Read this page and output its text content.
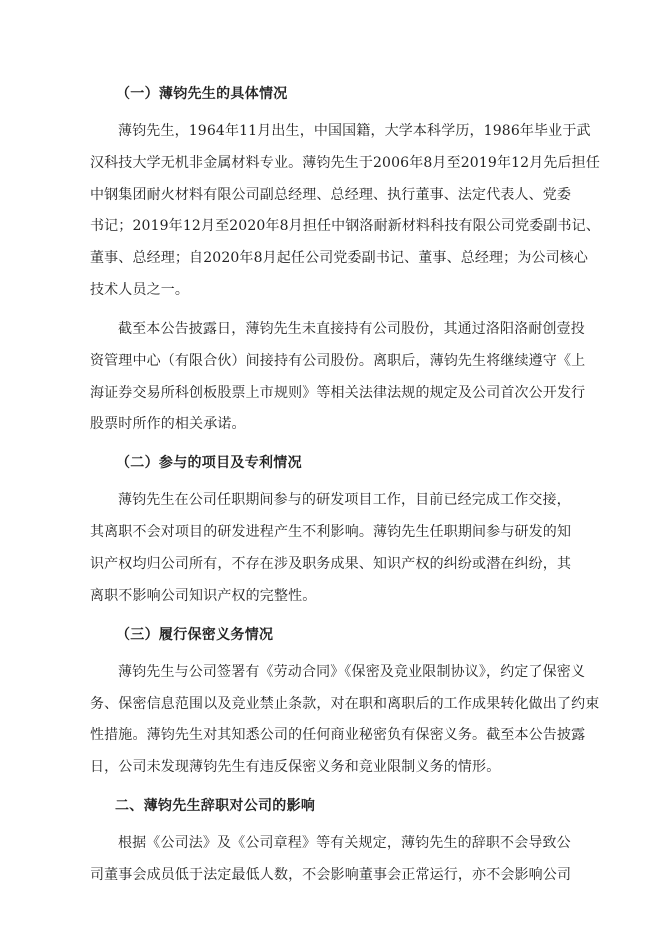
（一）薄钧先生的具体情况
薄钧先生，1964年11月出生，中国国籍，大学本科学历，1986年毕业于武
汉科技大学无机非金属材料专业。薄钧先生于2006年8月至2019年12月先后担任
中钢集团耐火材料有限公司副总经理、总经理、执行董事、法定代表人、党委
书记；2019年12月至2020年8月担任中钢洛耐新材料科技有限公司党委副书记、
董事、总经理；自2020年8月起任公司党委副书记、董事、总经理；为公司核心
技术人员之一。
截至本公告披露日，薄钧先生未直接持有公司股份，其通过洛阳洛耐创壹投
资管理中心（有限合伙）间接持有公司股份。离职后，薄钧先生将继续遵守《上
海证券交易所科创板股票上市规则》等相关法律法规的规定及公司首次公开发行
股票时所作的相关承诺。
（二）参与的项目及专利情况
薄钧先生在公司任职期间参与的研发项目工作，目前已经完成工作交接，
其离职不会对项目的研发进程产生不利影响。薄钧先生任职期间参与研发的知
识产权均归公司所有，不存在涉及职务成果、知识产权的纠纷或潜在纠纷，其
离职不影响公司知识产权的完整性。
（三）履行保密义务情况
薄钧先生与公司签署有《劳动合同》《保密及竞业限制协议》，约定了保密义
务、保密信息范围以及竞业禁止条款，对在职和离职后的工作成果转化做出了约束
性措施。薄钧先生对其知悉公司的任何商业秘密负有保密义务。截至本公告披露
日，公司未发现薄钧先生有违反保密义务和竞业限制义务的情形。
二、薄钧先生辞职对公司的影响
根据《公司法》及《公司章程》等有关规定，薄钧先生的辞职不会导致公
司董事会成员低于法定最低人数，不会影响董事会正常运行，亦不会影响公司
